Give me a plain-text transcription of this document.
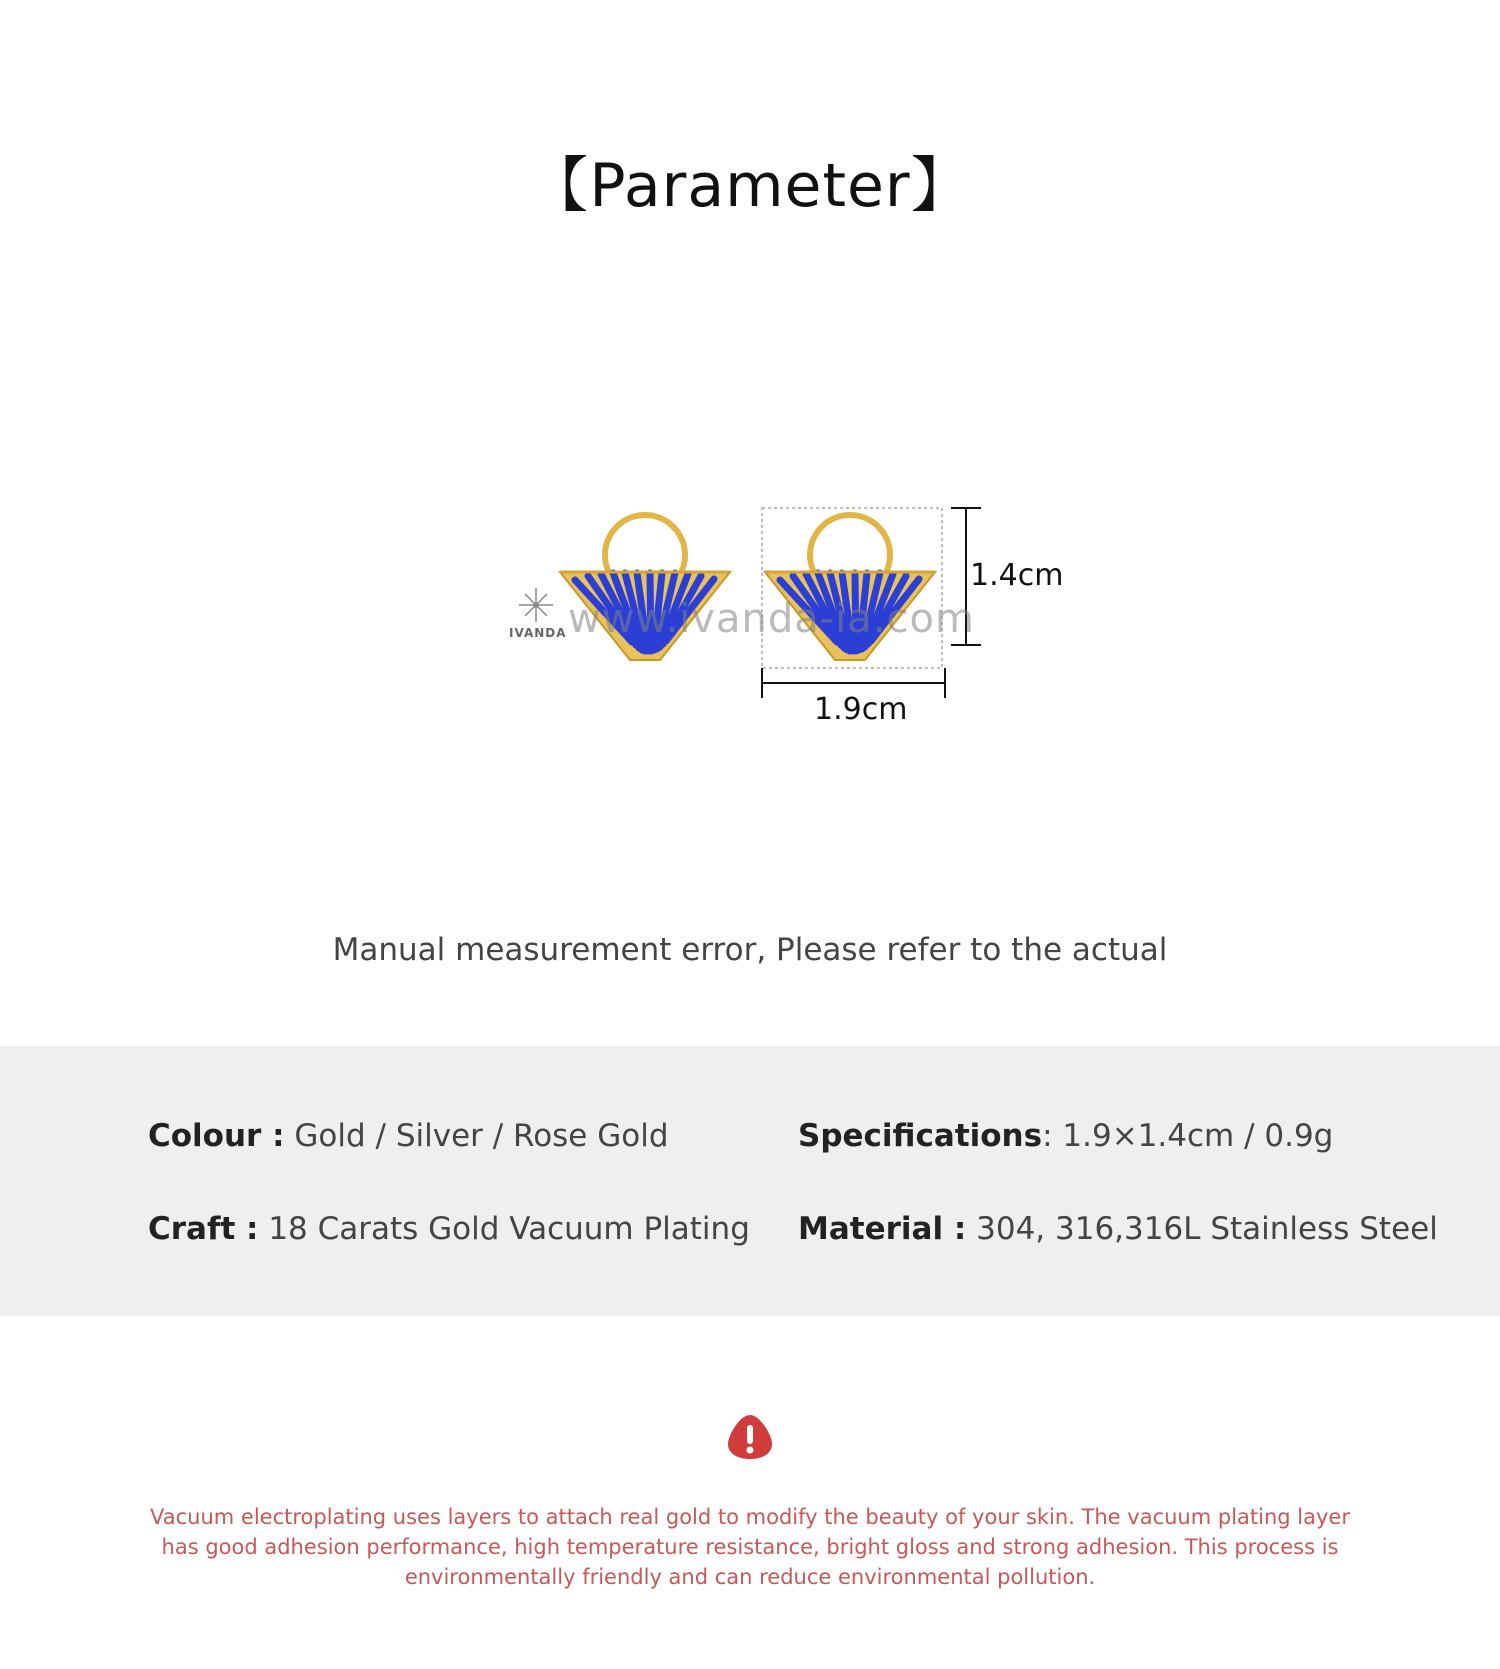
【Parameter】
IVANDA www.ivanda-ia.com
1.4cm
1.9cm
Manual measurement error, Please refer to the actual
Colour : Gold / Silver / Rose Gold	Specifications: 1.9×1.4cm / 0.9g
Craft : 18 Carats Gold Vacuum Plating Material : 304, 316,316L Stainless Steel
Vacuum electroplating uses layers to attach real gold to modify the beauty of your skin. The vacuum plating layer has good adhesion performance, high temperature resistance, bright gloss and strong adhesion. This process is environmentally friendly and can reduce environmental pollution.
